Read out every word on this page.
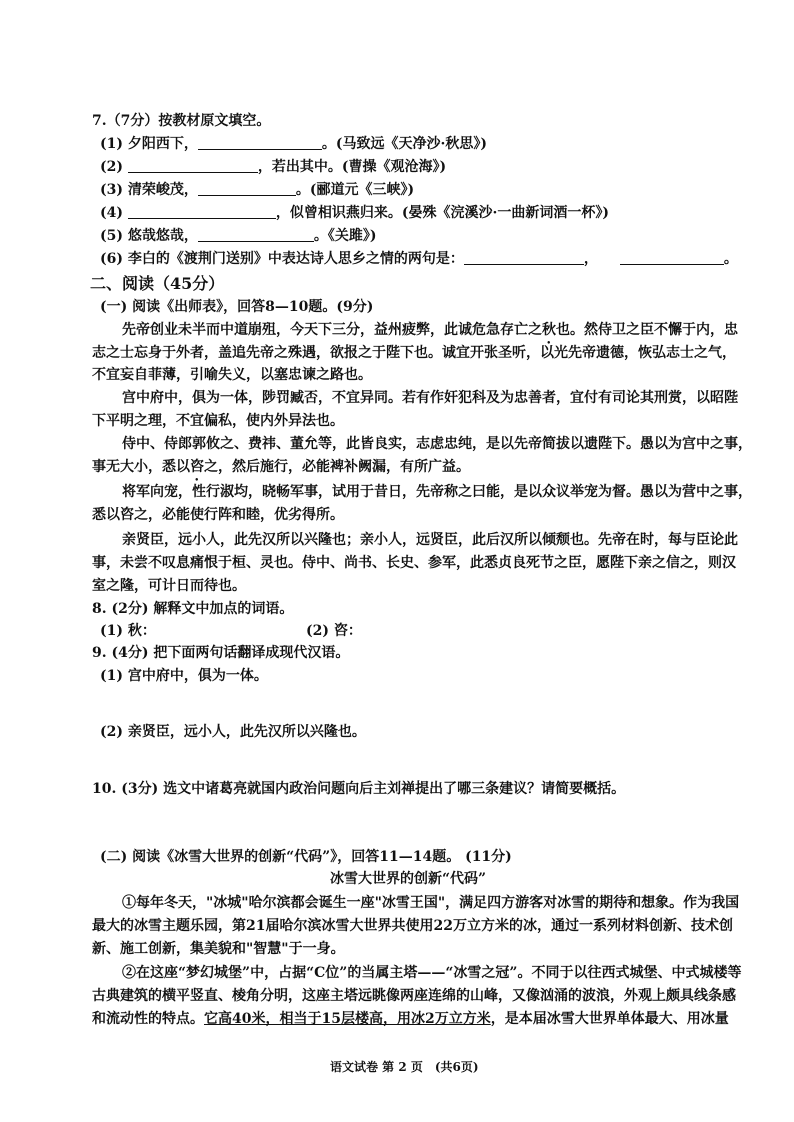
7.（7分）按教材原文填空。
(1) 夕阳西下，	。(马致远《天净沙·秋思》)
(2)	，若出其中。(曹操《观沧海》)
(3) 清荣峻茂，	。(郦道元《三峡》)
(4)	，似曾相识燕归来。(晏殊《浣溪沙·一曲新词酒一杯》)
(5) 悠哉悠哉，	。《关雎》)
(6) 李白的《渡荆门送别》中表达诗人思乡之情的两句是：	，	。
二、阅读（45分）
(一) 阅读《出师表》，回答8—10题。(9分)
先帝创业未半而中道崩殂，今天下三分，益州疲弊，此诚危急存亡之秋也。然侍卫之臣不懈于内，忠
志之士忘身于外者，盖追先帝之殊遇，欲报之于陛下也。诚宜开张圣听，以光先帝遗德，恢弘志士之气，
不宜妄自菲薄，引喻失义，以塞忠谏之路也。
宫中府中，俱为一体，陟罚臧否，不宜异同。若有作奸犯科及为忠善者，宜付有司论其刑赏，以昭陛
下平明之理，不宜偏私，使内外异法也。
侍中、侍郎郭攸之、费祎、董允等，此皆良实，志虑忠纯，是以先帝简拔以遗陛下。愚以为宫中之事，
事无大小，悉以咨之，然后施行，必能裨补阙漏，有所广益。
将军向宠，性行淑均，晓畅军事，试用于昔日，先帝称之曰能，是以众议举宠为督。愚以为营中之事，
悉以咨之，必能使行阵和睦，优劣得所。
亲贤臣，远小人，此先汉所以兴隆也；亲小人，远贤臣，此后汉所以倾颓也。先帝在时，每与臣论此
事，未尝不叹息痛恨于桓、灵也。侍中、尚书、长史、参军，此悉贞良死节之臣，愿陛下亲之信之，则汉
室之隆，可计日而待也。
8. (2分) 解释文中加点的词语。
(1) 秋：	(2) 咨：
9. (4分) 把下面两句话翻译成现代汉语。
(1) 宫中府中，俱为一体。
(2) 亲贤臣，远小人，此先汉所以兴隆也。
10. (3分) 选文中诸葛亮就国内政治问题向后主刘禅提出了哪三条建议？请简要概括。
(二) 阅读《冰雪大世界的创新“代码”》，回答11—14题。 (11分)
冰雪大世界的创新“代码”
①每年冬天，"冰城"哈尔滨都会诞生一座"冰雪王国"，满足四方游客对冰雪的期待和想象。作为我国
最大的冰雪主题乐园，第21届哈尔滨冰雪大世界共使用22万立方米的冰，通过一系列材料创新、技术创
新、施工创新，集美貌和"智慧"于一身。
②在这座“梦幻城堡”中，占据“C位”的当属主塔——“冰雪之冠”。不同于以往西式城堡、中式城楼等
古典建筑的横平竖直、棱角分明，这座主塔远眺像两座连绵的山峰，又像汹涌的波浪，外观上颇具线条感
和流动性的特点。它高40米，相当于15层楼高，用冰2万立方米，是本届冰雪大世界单体最大、用冰量
语文试卷 第 2 页　(共6页)
